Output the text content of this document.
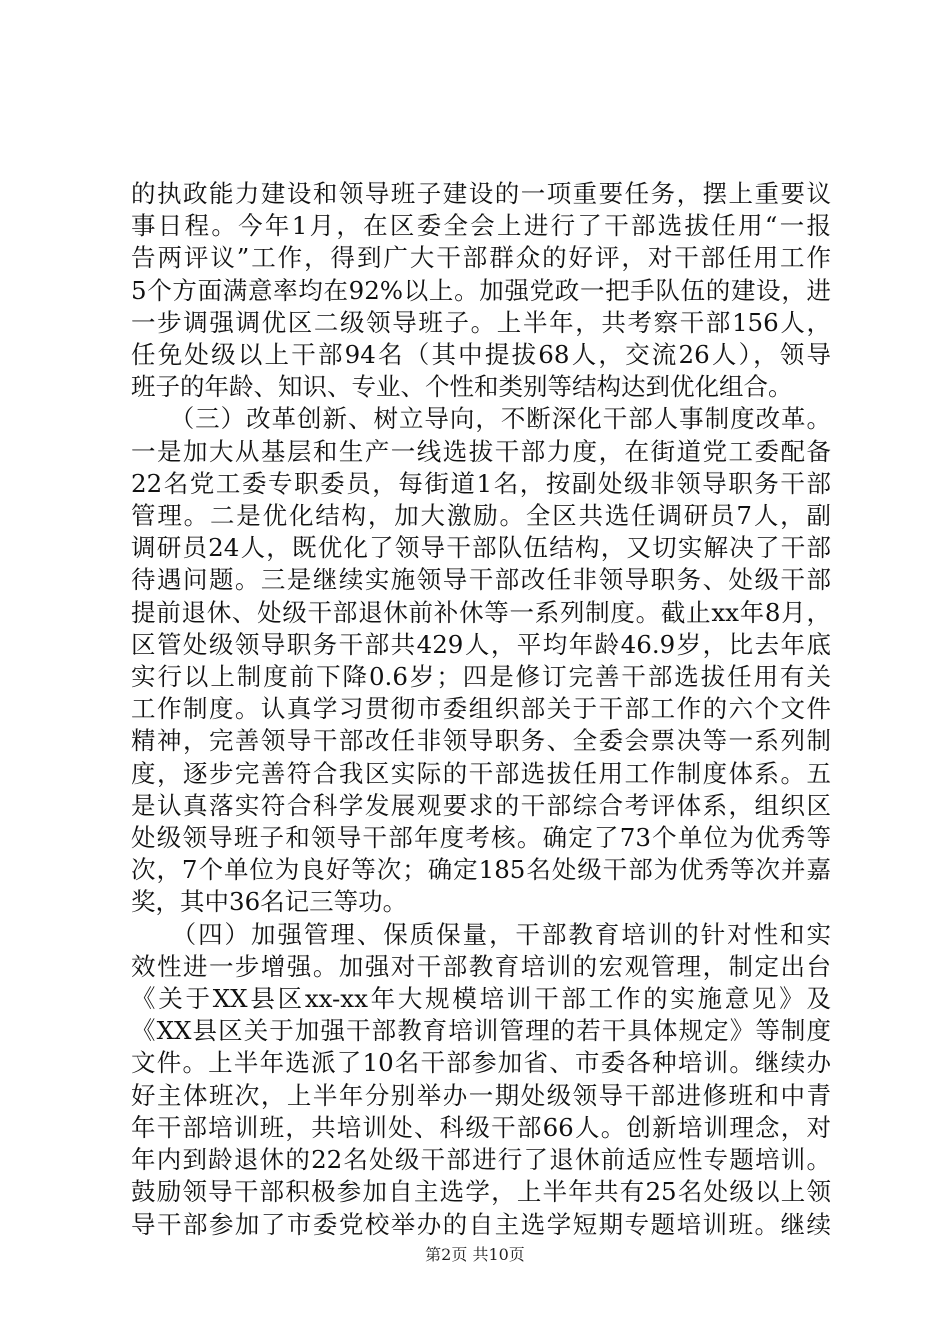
的执政能力建设和领导班子建设的一项重要任务，摆上重要议
事日程。今年1月，在区委全会上进行了干部选拔任用“一报
告两评议”工作，得到广大干部群众的好评，对干部任用工作
5个方面满意率均在92%以上。加强党政一把手队伍的建设，进
一步调强调优区二级领导班子。上半年，共考察干部156人，
任免处级以上干部94名（其中提拔68人，交流26人），领导
班子的年龄、知识、专业、个性和类别等结构达到优化组合。
　　（三）改革创新、树立导向，不断深化干部人事制度改革。
一是加大从基层和生产一线选拔干部力度，在街道党工委配备
22名党工委专职委员，每街道1名，按副处级非领导职务干部
管理。二是优化结构，加大激励。全区共选任调研员7人，副
调研员24人，既优化了领导干部队伍结构，又切实解决了干部
待遇问题。三是继续实施领导干部改任非领导职务、处级干部
提前退休、处级干部退休前补休等一系列制度。截止xx年8月，
区管处级领导职务干部共429人，平均年龄46.9岁，比去年底
实行以上制度前下降0.6岁；四是修订完善干部选拔任用有关
工作制度。认真学习贯彻市委组织部关于干部工作的六个文件
精神，完善领导干部改任非领导职务、全委会票决等一系列制
度，逐步完善符合我区实际的干部选拔任用工作制度体系。五
是认真落实符合科学发展观要求的干部综合考评体系，组织区
处级领导班子和领导干部年度考核。确定了73个单位为优秀等
次，7个单位为良好等次；确定185名处级干部为优秀等次并嘉
奖，其中36名记三等功。
　　（四）加强管理、保质保量，干部教育培训的针对性和实
效性进一步增强。加强对干部教育培训的宏观管理，制定出台
《关于XX县区xx-xx年大规模培训干部工作的实施意见》及
《XX县区关于加强干部教育培训管理的若干具体规定》等制度
文件。上半年选派了10名干部参加省、市委各种培训。继续办
好主体班次，上半年分别举办一期处级领导干部进修班和中青
年干部培训班，共培训处、科级干部66人。创新培训理念，对
年内到龄退休的22名处级干部进行了退休前适应性专题培训。
鼓励领导干部积极参加自主选学，上半年共有25名处级以上领
导干部参加了市委党校举办的自主选学短期专题培训班。继续
第2页 共10页
